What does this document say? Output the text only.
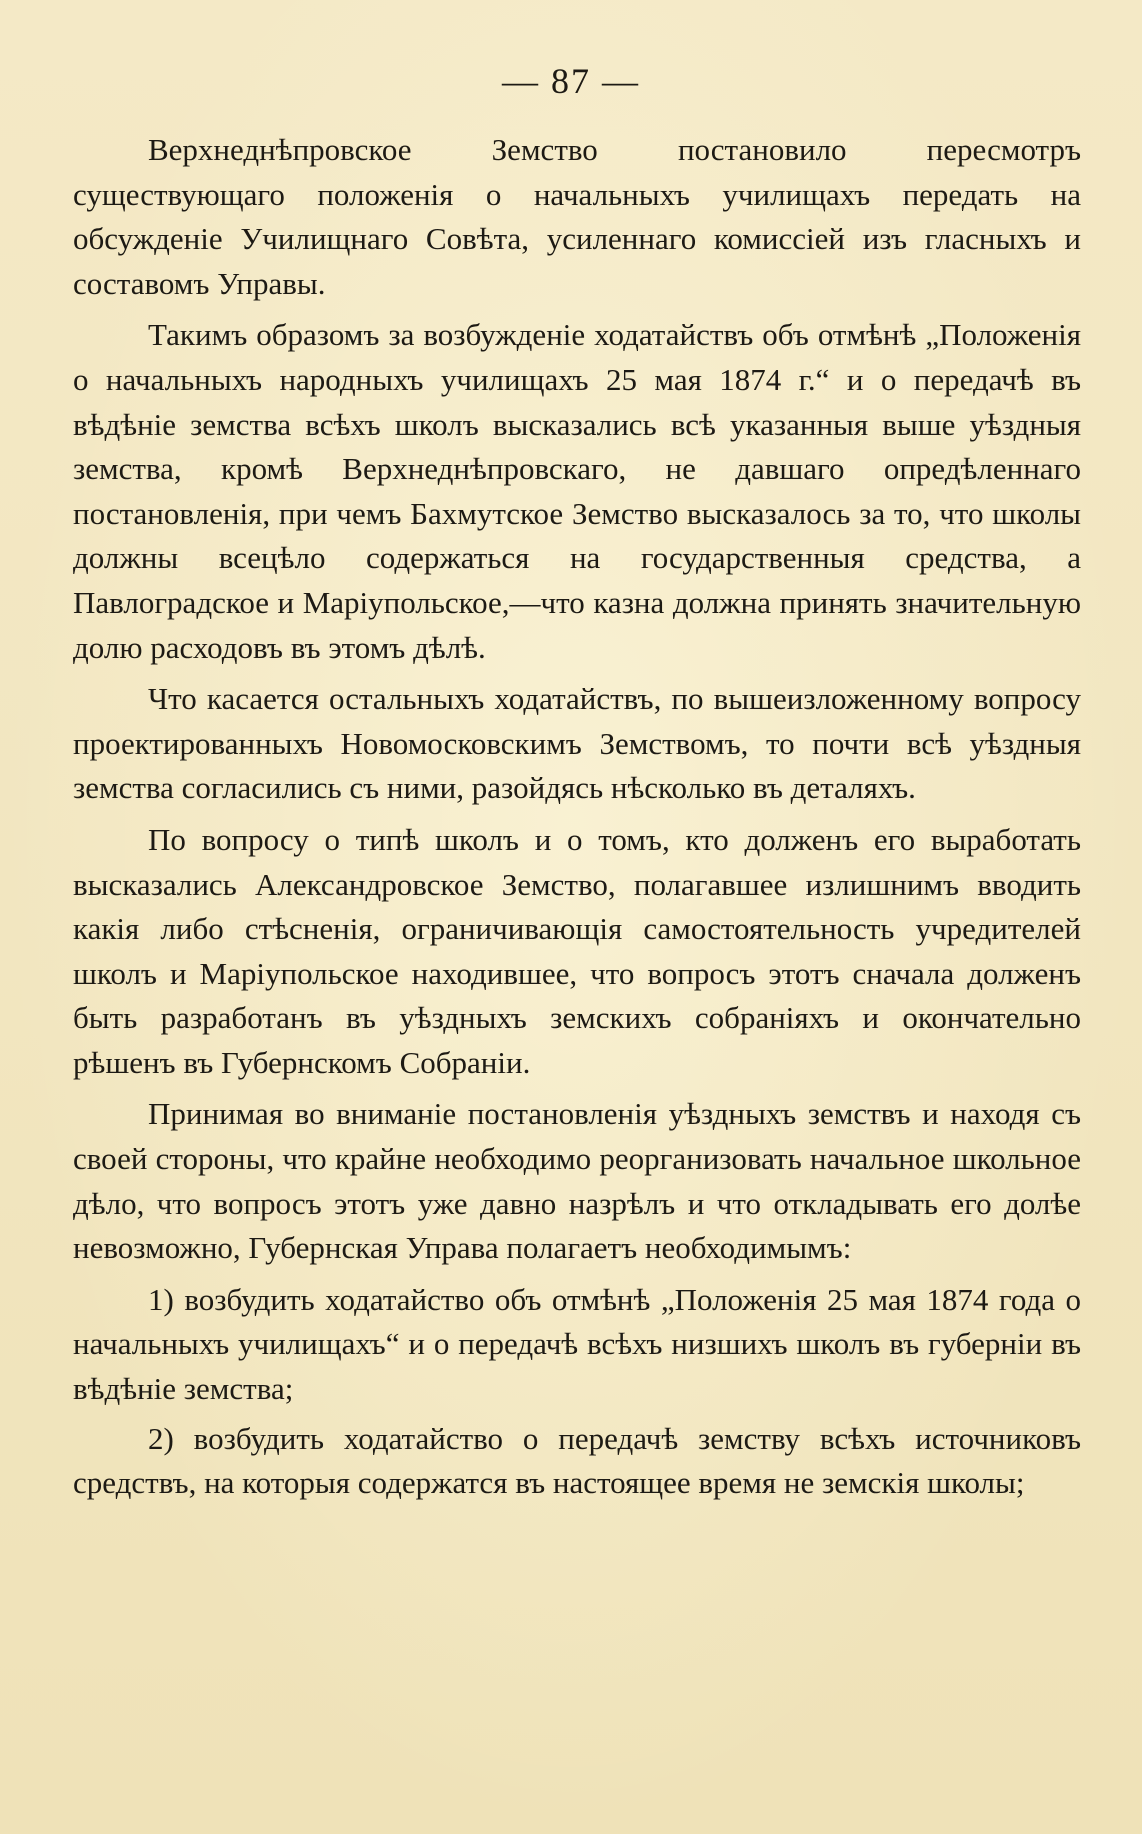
— 87 —

Верхнеднѣпровское Земство постановило пересмотръ существующаго положенія о начальныхъ училищахъ передать на обсужденіе Училищнаго Совѣта, усиленнаго комиссіей изъ гласныхъ и составомъ Управы.

Такимъ образомъ за возбужденіе ходатайствъ объ отмѣнѣ „Положенія о начальныхъ народныхъ училищахъ 25 мая 1874 г.“ и о передачѣ въ вѣдѣніе земства всѣхъ школъ высказались всѣ указанныя выше уѣздныя земства, кромѣ Верхнеднѣпровскаго, не давшаго опредѣленнаго постановленія, при чемъ Бахмутское Земство высказалось за то, что школы должны всецѣло содержаться на государственныя средства, а Павлоградское и Маріупольское,—что казна должна принять значительную долю расходовъ въ этомъ дѣлѣ.

Что касается остальныхъ ходатайствъ, по вышеизложенному вопросу проектированныхъ Новомосковскимъ Земствомъ, то почти всѣ уѣздныя земства согласились съ ними, разойдясь нѣсколько въ деталяхъ.

По вопросу о типѣ школъ и о томъ, кто долженъ его выработать высказались Александровское Земство, полагавшее излишнимъ вводить какія либо стѣсненія, ограничивающія самостоятельность учредителей школъ и Маріупольское находившее, что вопросъ этотъ сначала долженъ быть разработанъ въ уѣздныхъ земскихъ собраніяхъ и окончательно рѣшенъ въ Губернскомъ Собраніи.

Принимая во вниманіе постановленія уѣздныхъ земствъ и находя съ своей стороны, что крайне необходимо реорганизовать начальное школьное дѣло, что вопросъ этотъ уже давно назрѣлъ и что откладывать его долѣе невозможно, Губернская Управа полагаетъ необходимымъ:

1) возбудить ходатайство объ отмѣнѣ „Положенія 25 мая 1874 года о начальныхъ училищахъ“ и о передачѣ всѣхъ низшихъ школъ въ губерніи въ вѣдѣніе земства;

2) возбудить ходатайство о передачѣ земству всѣхъ источниковъ средствъ, на которыя содержатся въ настоящее время не земскія школы;
